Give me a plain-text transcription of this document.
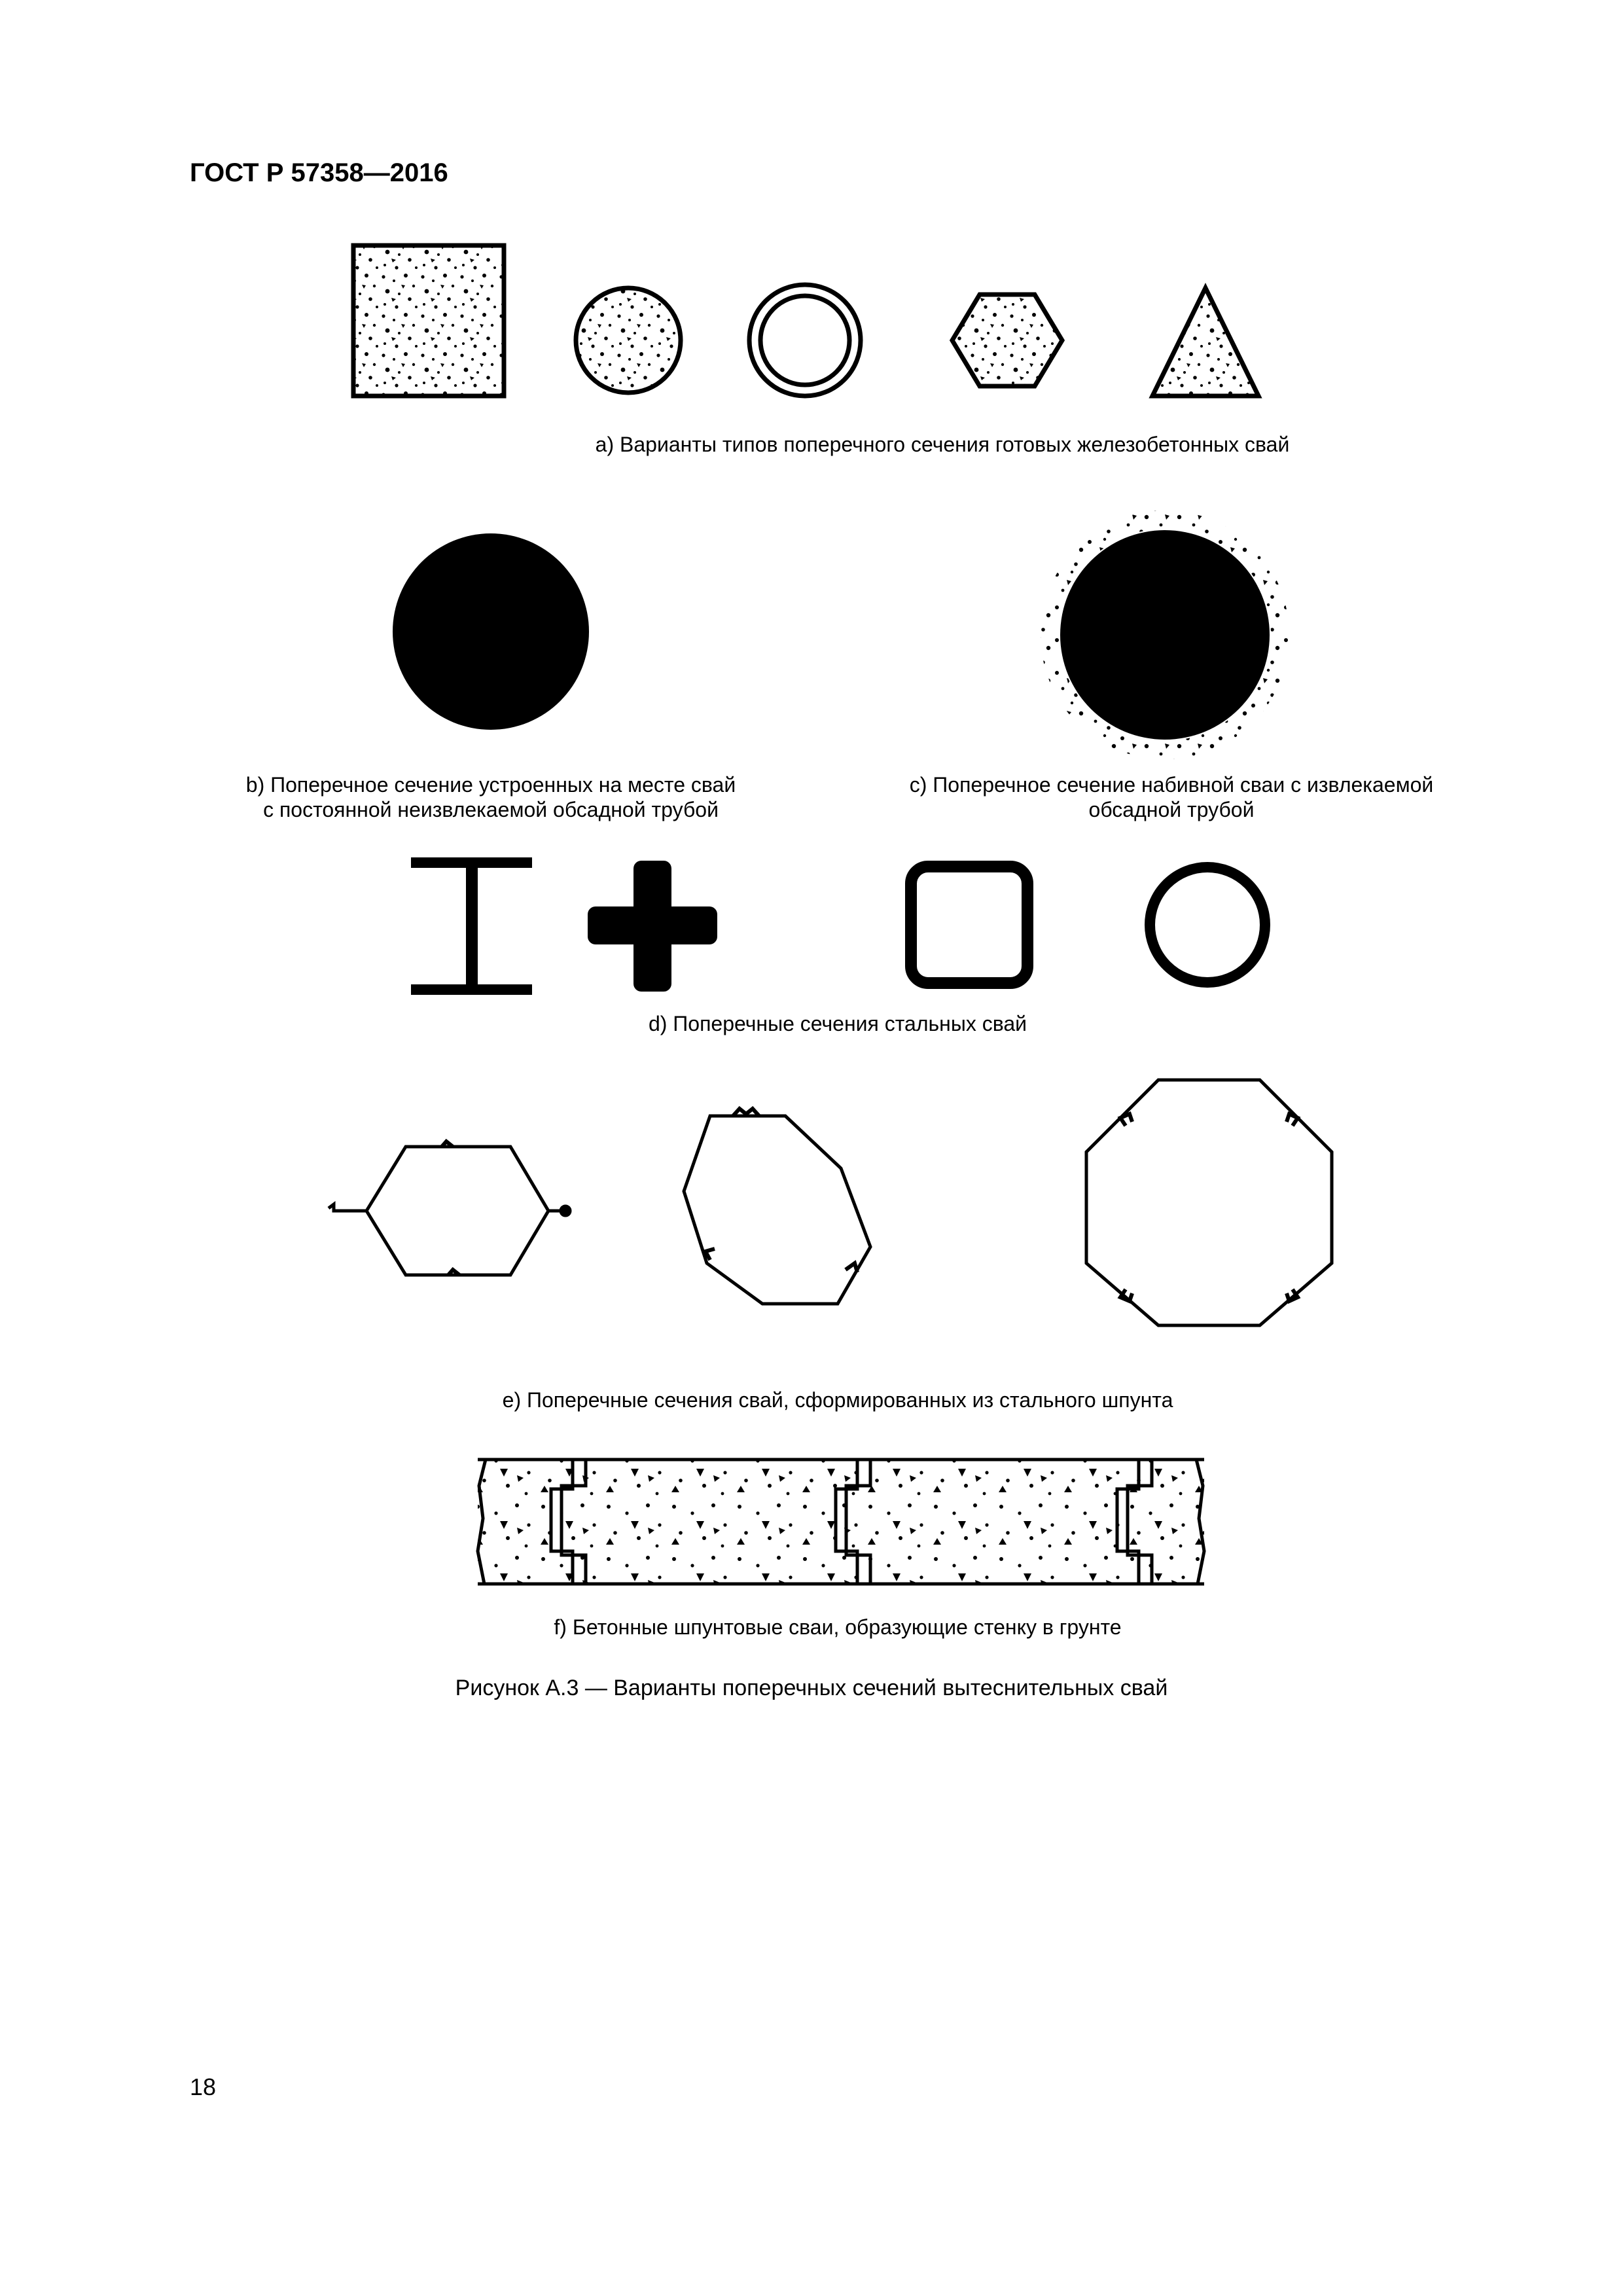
ГОСТ Р 57358—2016
a) Варианты типов поперечного сечения готовых железобетонных свай
b) Поперечное сечение устроенных на месте свай
с постоянной неизвлекаемой обсадной трубой
c) Поперечное сечение набивной сваи с извлекаемой
обсадной трубой
d) Поперечные сечения стальных свай
e) Поперечные сечения свай, сформированных из стального шпунта
f) Бетонные шпунтовые сваи, образующие стенку в грунте
Рисунок А.3 — Варианты поперечных сечений вытеснительных свай
18
